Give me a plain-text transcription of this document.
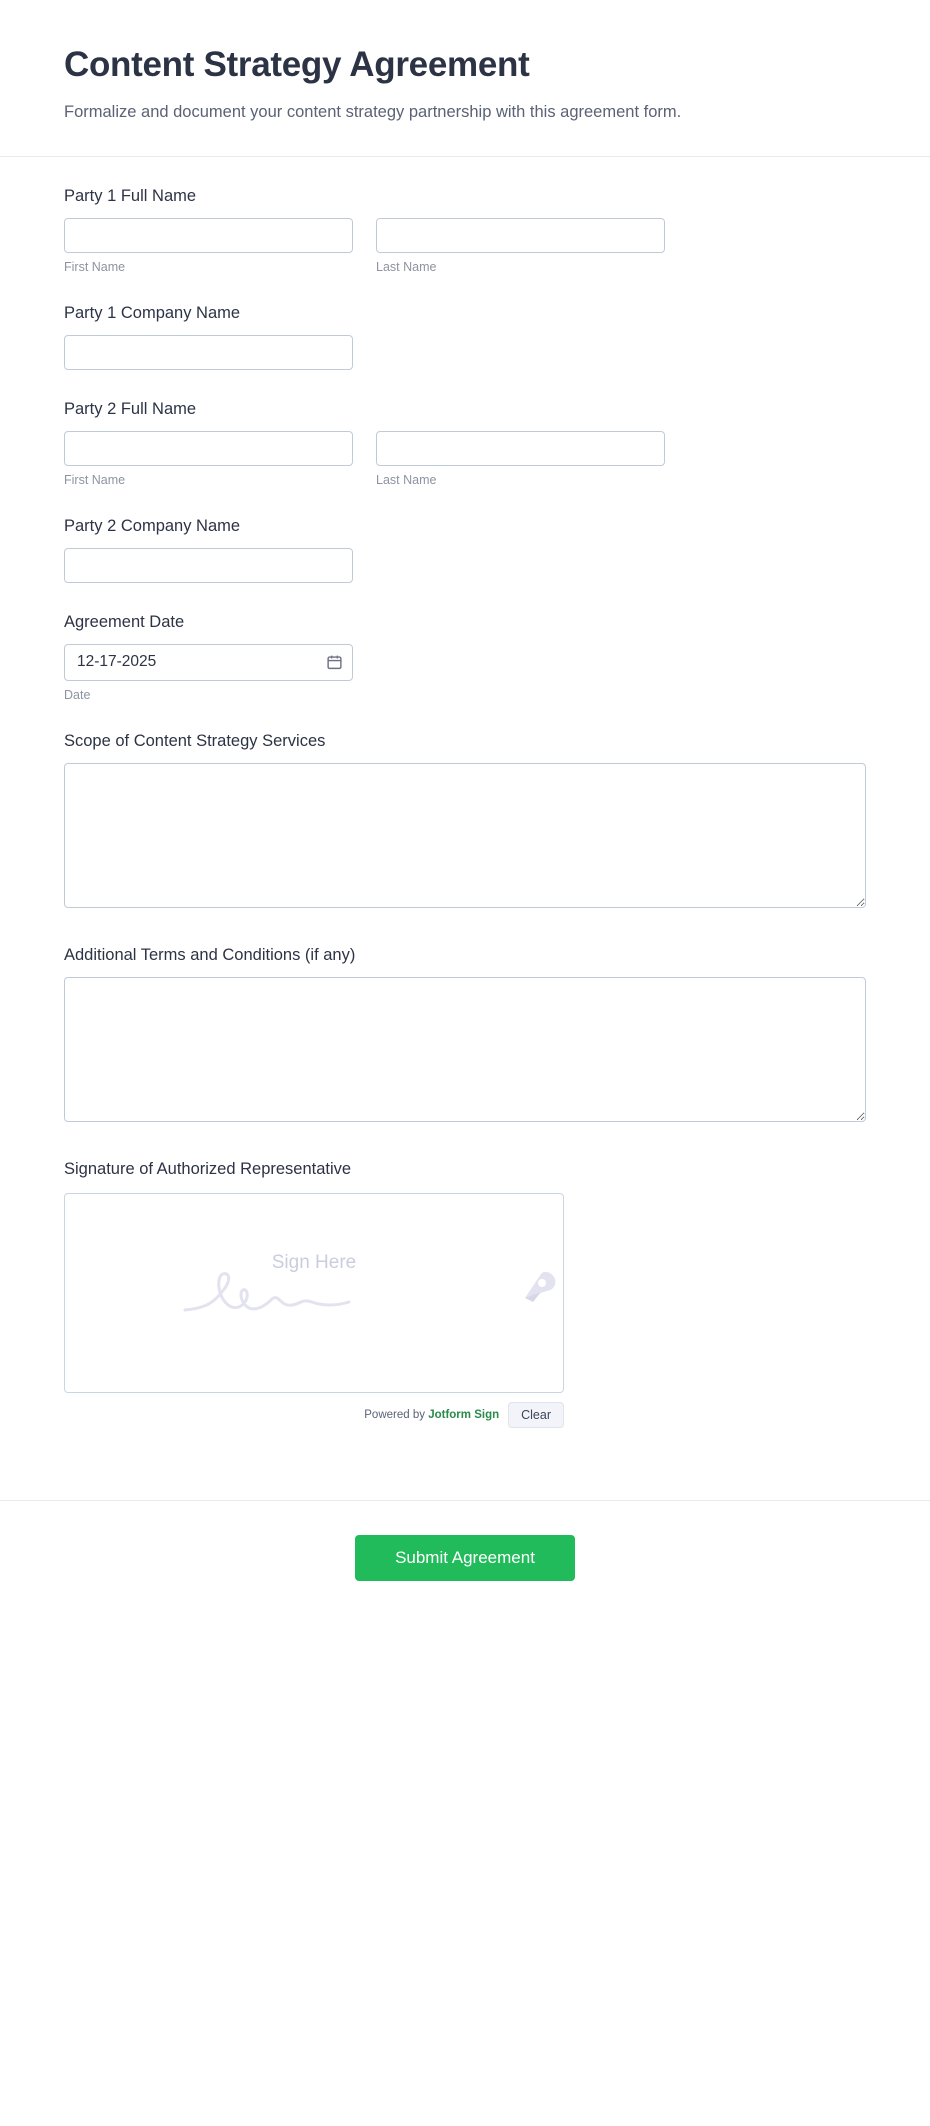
Content Strategy Agreement

Formalize and document your content strategy partnership with this agreement form.

Party 1 Full Name
First Name	Last Name
Party 1 Company Name
Party 2 Full Name
First Name	Last Name
Party 2 Company Name
Agreement Date
12-17-2025
Date
Scope of Content Strategy Services
Additional Terms and Conditions (if any)
Signature of Authorized Representative
Sign Here
Powered by Jotform Sign	Clear
Submit Agreement
